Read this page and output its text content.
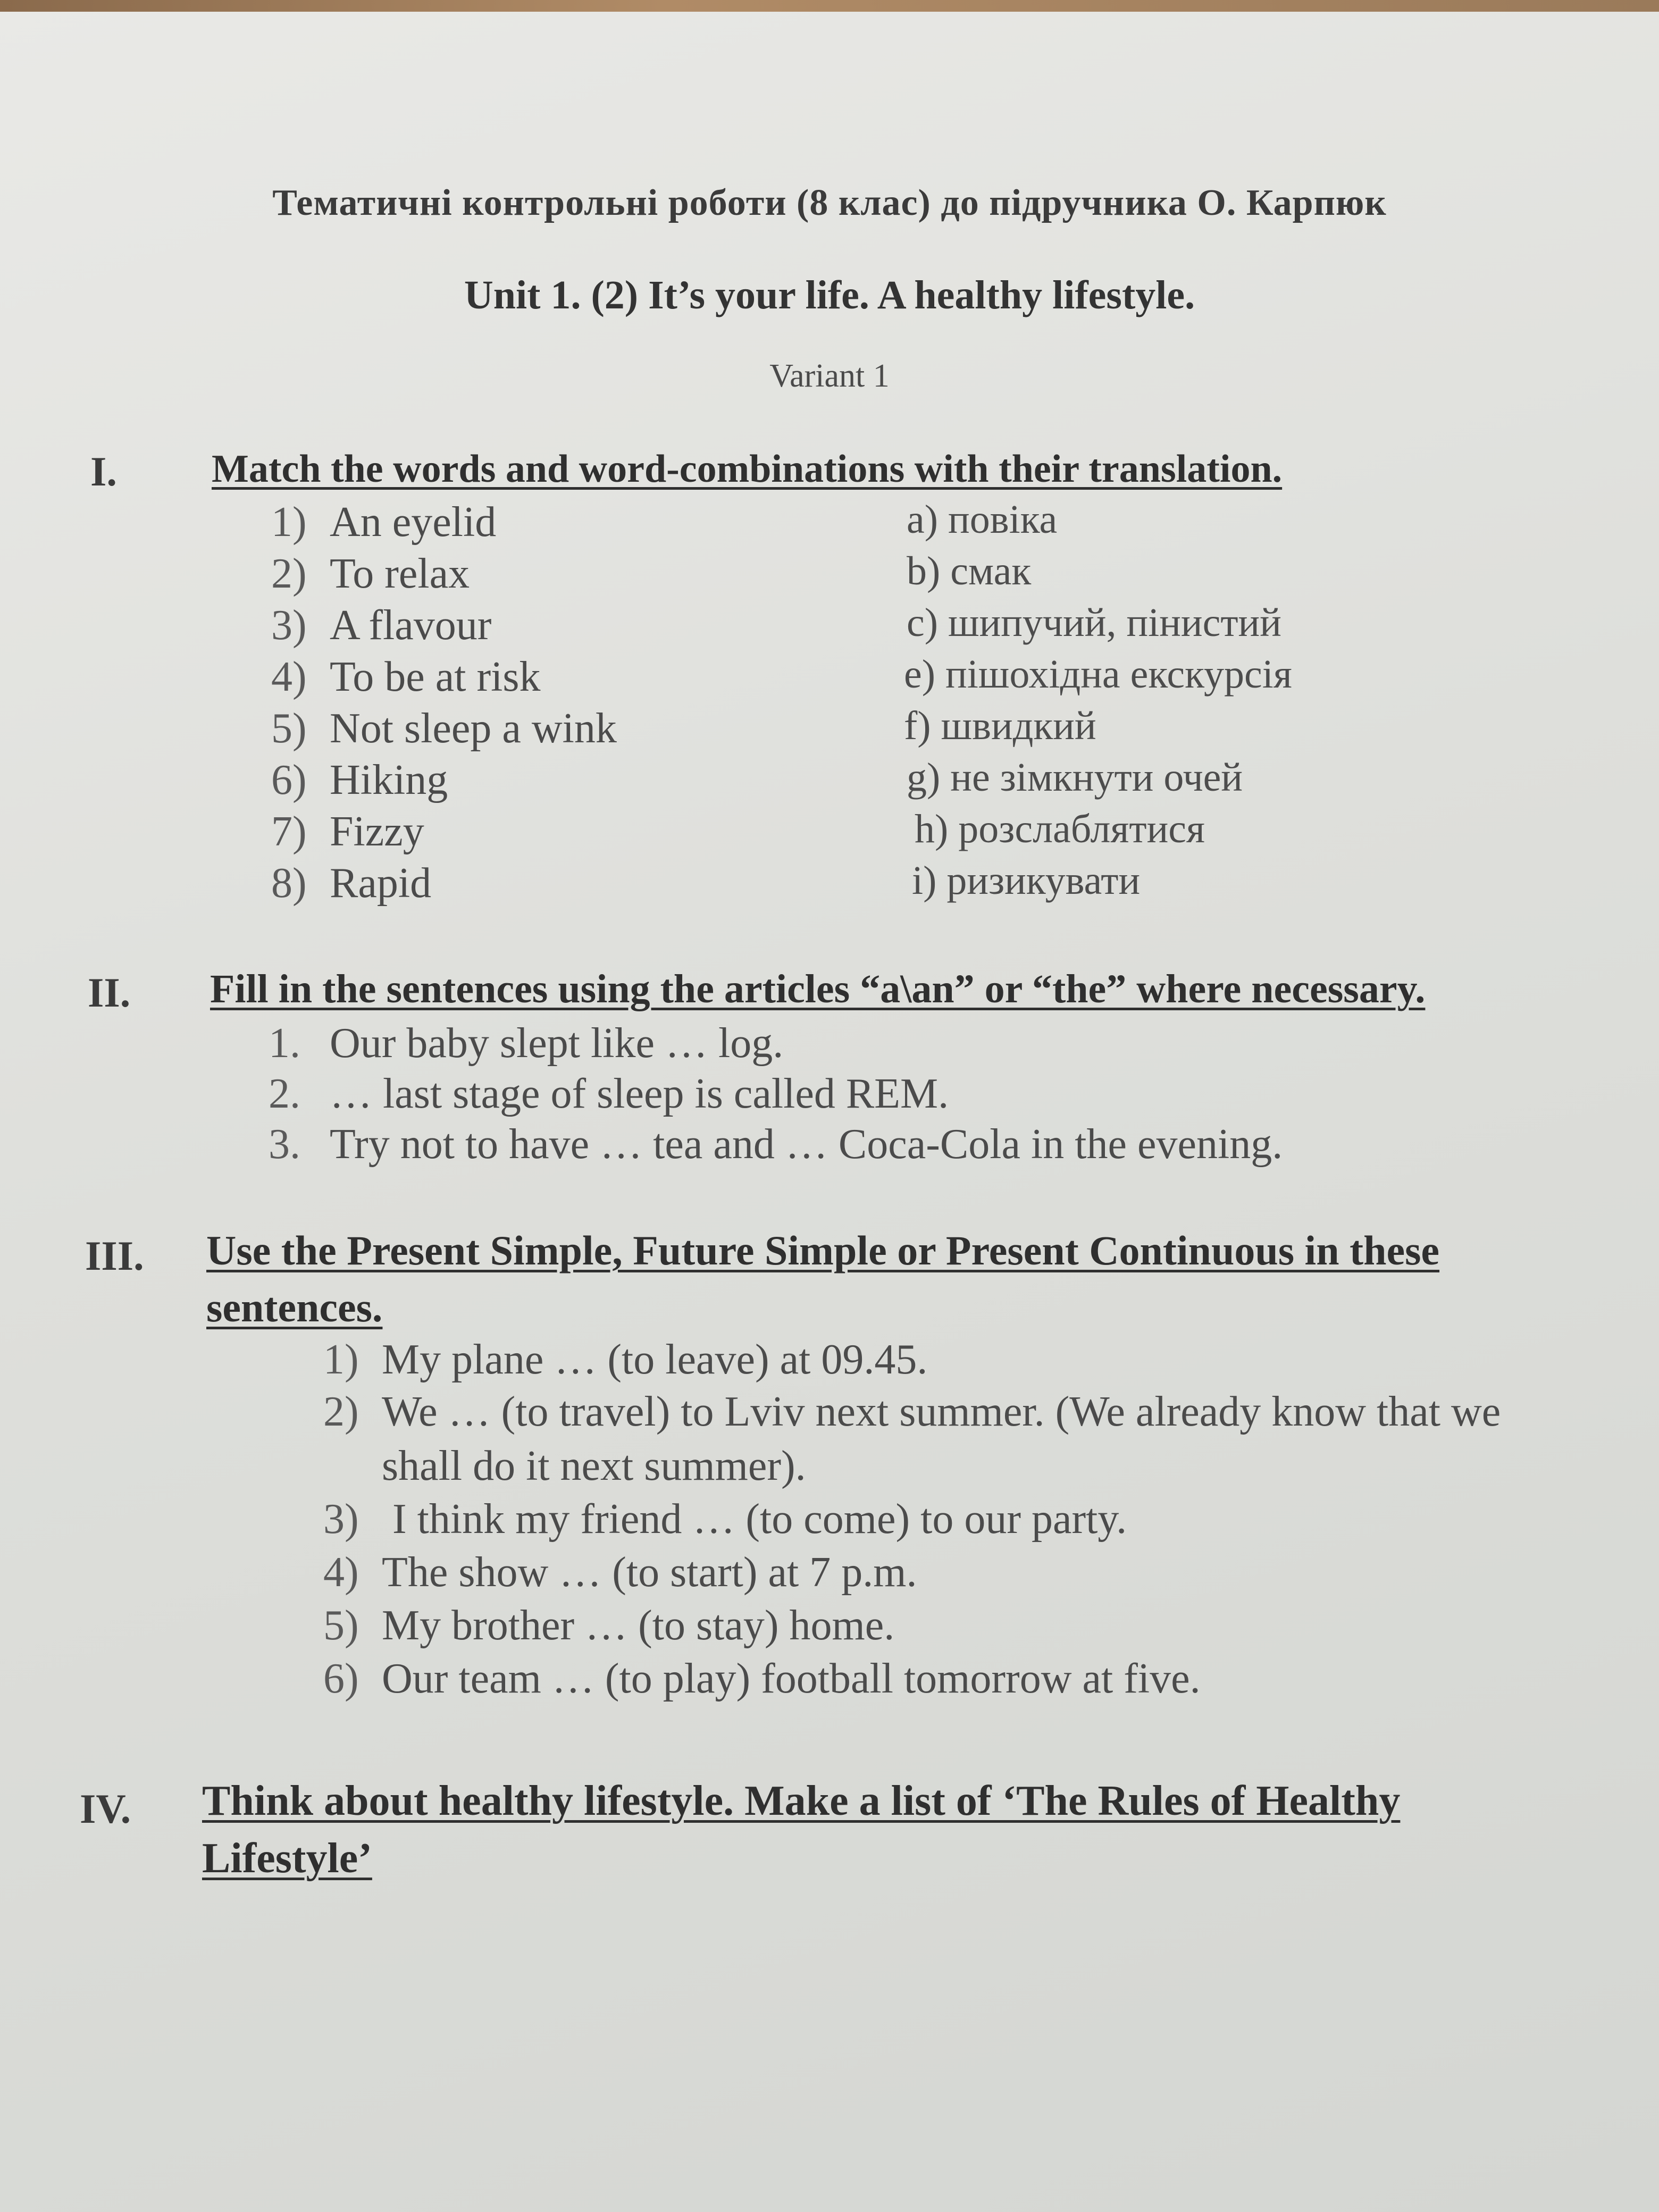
Тематичні контрольні роботи (8 клас) до підручника О. Карпюк
Unit 1. (2) It’s your life. A healthy lifestyle.
Variant 1
I. Match the words and word-combinations with their translation.
1) An eyelid
2) To relax
3) A flavour
4) To be at risk
5) Not sleep a wink
6) Hiking
7) Fizzy
8) Rapid
a) повіка
b) смак
c) шипучий, пінистий
e) пішохідна екскурсія
f) швидкий
g) не зімкнути очей
h) розслаблятися
i) ризикувати
II. Fill in the sentences using the articles “a\an” or “the” where necessary.
1. Our baby slept like … log.
2. … last stage of sleep is called REM.
3. Try not to have … tea and … Coca-Cola in the evening.
III. Use the Present Simple, Future Simple or Present Continuous in these
sentences.
1) My plane … (to leave) at 09.45.
2) We … (to travel) to Lviv next summer. (We already know that we
shall do it next summer).
3) I think my friend … (to come) to our party.
4) The show … (to start) at 7 p.m.
5) My brother … (to stay) home.
6) Our team … (to play) football tomorrow at five.
IV. Think about healthy lifestyle. Make a list of ‘The Rules of Healthy
Lifestyle’
